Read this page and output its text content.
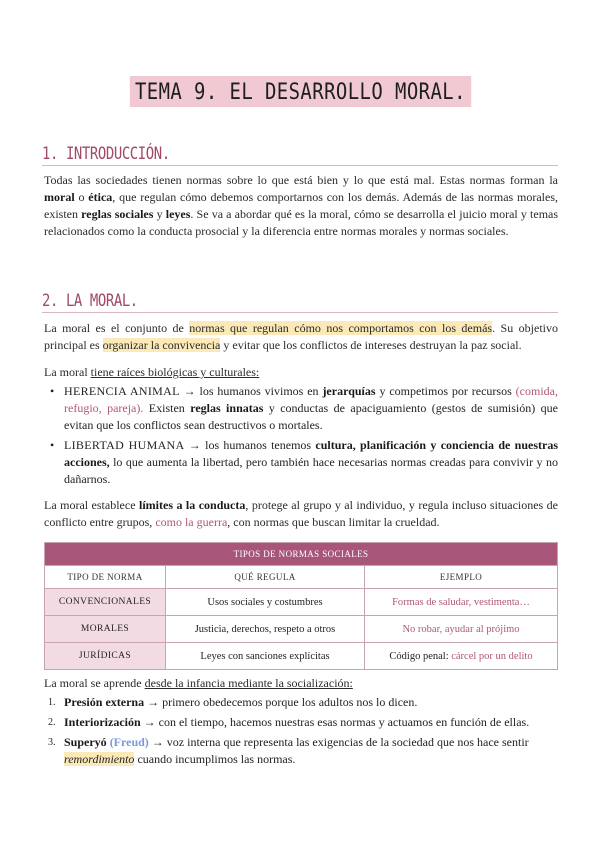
TEMA 9. EL DESARROLLO MORAL.
1. INTRODUCCIÓN.
Todas las sociedades tienen normas sobre lo que está bien y lo que está mal. Estas normas forman la moral o ética, que regulan cómo debemos comportarnos con los demás. Además de las normas morales, existen reglas sociales y leyes. Se va a abordar qué es la moral, cómo se desarrolla el juicio moral y temas relacionados como la conducta prosocial y la diferencia entre normas morales y normas sociales.
2. LA MORAL.
La moral es el conjunto de normas que regulan cómo nos comportamos con los demás. Su objetivo principal es organizar la convivencia y evitar que los conflictos de intereses destruyan la paz social.
La moral tiene raíces biológicas y culturales:
• HERENCIA ANIMAL → los humanos vivimos en jerarquías y competimos por recursos (comida, refugio, pareja). Existen reglas innatas y conductas de apaciguamiento (gestos de sumisión) que evitan que los conflictos sean destructivos o mortales.
• LIBERTAD HUMANA → los humanos tenemos cultura, planificación y conciencia de nuestras acciones, lo que aumenta la libertad, pero también hace necesarias normas creadas para convivir y no dañarnos.
La moral establece límites a la conducta, protege al grupo y al individuo, y regula incluso situaciones de conflicto entre grupos, como la guerra, con normas que buscan limitar la crueldad.
TIPOS DE NORMAS SOCIALES		
TIPO DE NORMA	QUÉ REGULA	EJEMPLO
CONVENCIONALES	Usos sociales y costumbres	Formas de saludar, vestimenta…
MORALES	Justicia, derechos, respeto a otros	No robar, ayudar al prójimo
JURÍDICAS	Leyes con sanciones explícitas	Código penal: cárcel por un delito
La moral se aprende desde la infancia mediante la socialización:
1. Presión externa → primero obedecemos porque los adultos nos lo dicen.
2. Interiorización → con el tiempo, hacemos nuestras esas normas y actuamos en función de ellas.
3. Superyó (Freud) → voz interna que representa las exigencias de la sociedad que nos hace sentir remordimiento cuando incumplimos las normas.
